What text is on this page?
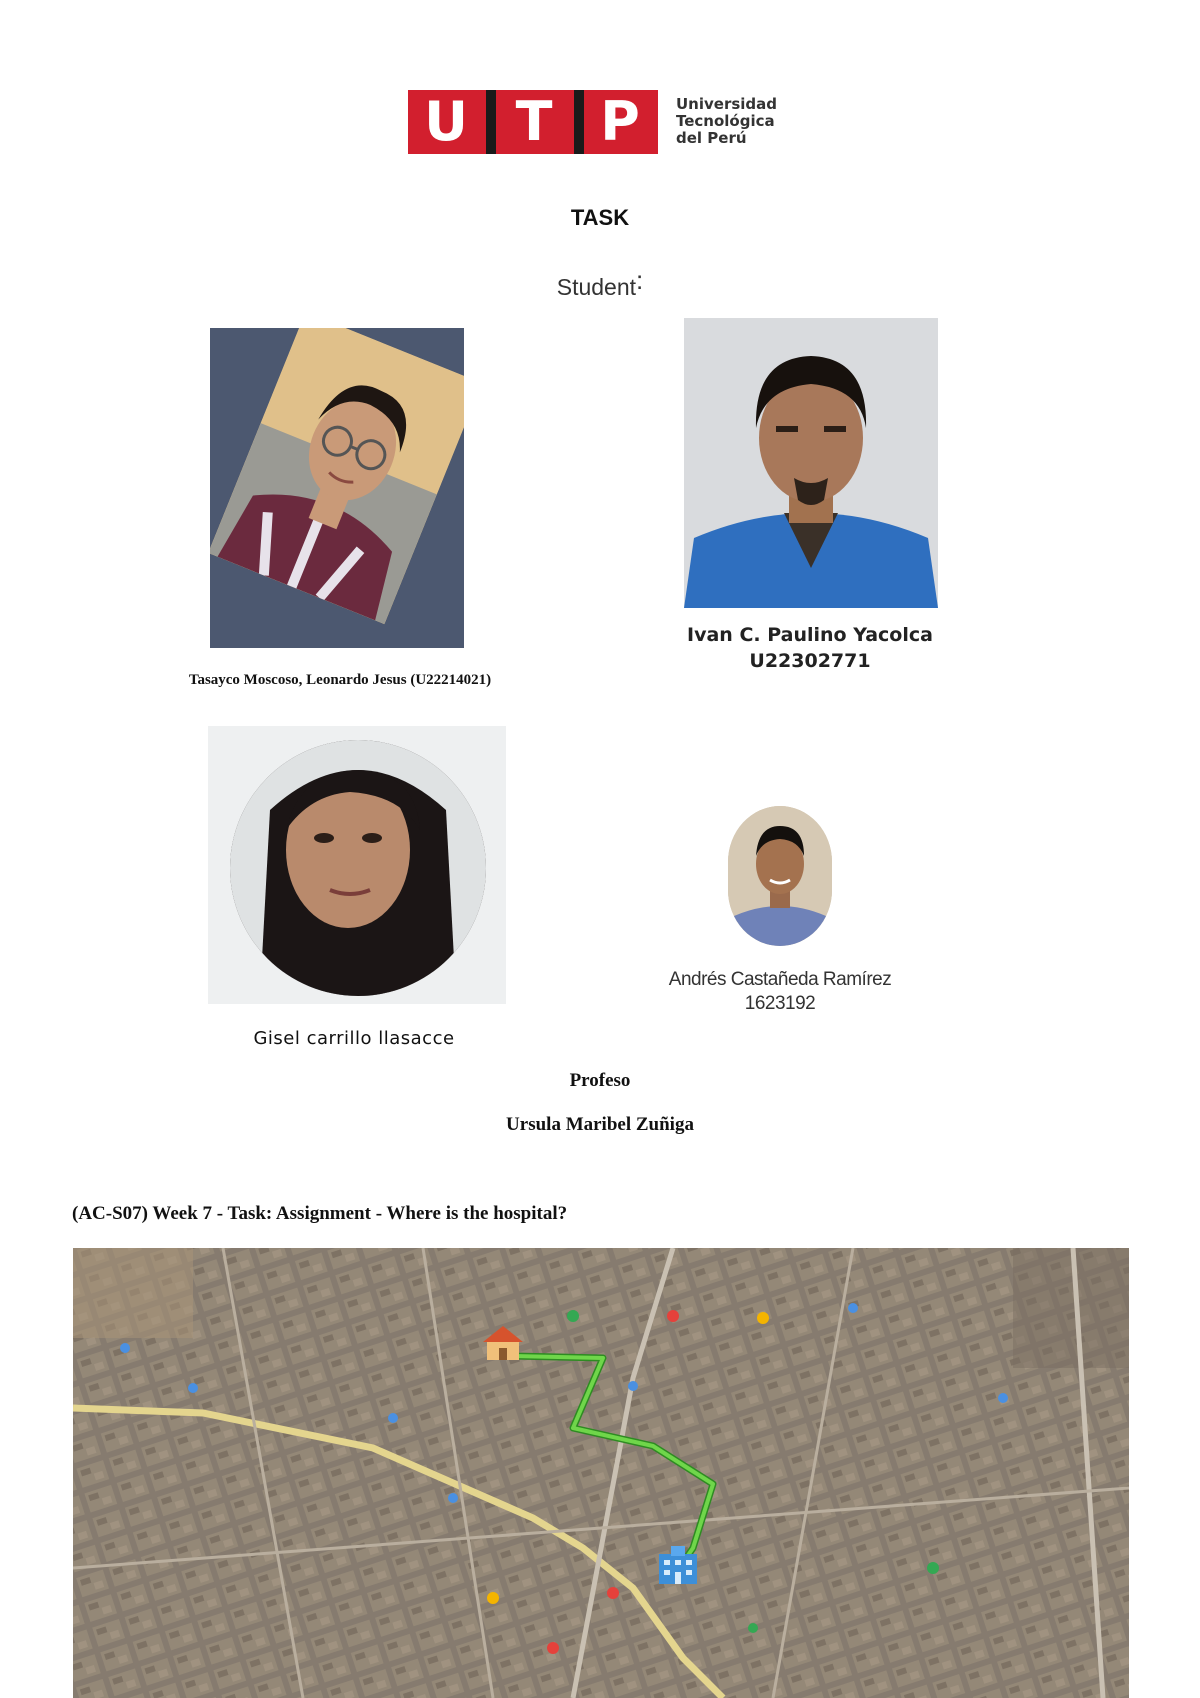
U T P	Universidad
Tecnológica
del Perú
TASK
Student:
Tasayco Moscoso, Leonardo Jesus (U22214021)
Ivan C. Paulino Yacolca
U22302771
Gisel carrillo llasacce
Andrés Castañeda Ramírez
1623192
Profeso
Ursula Maribel Zuñiga
(AC-S07) Week 7 - Task: Assignment - Where is the hospital?
